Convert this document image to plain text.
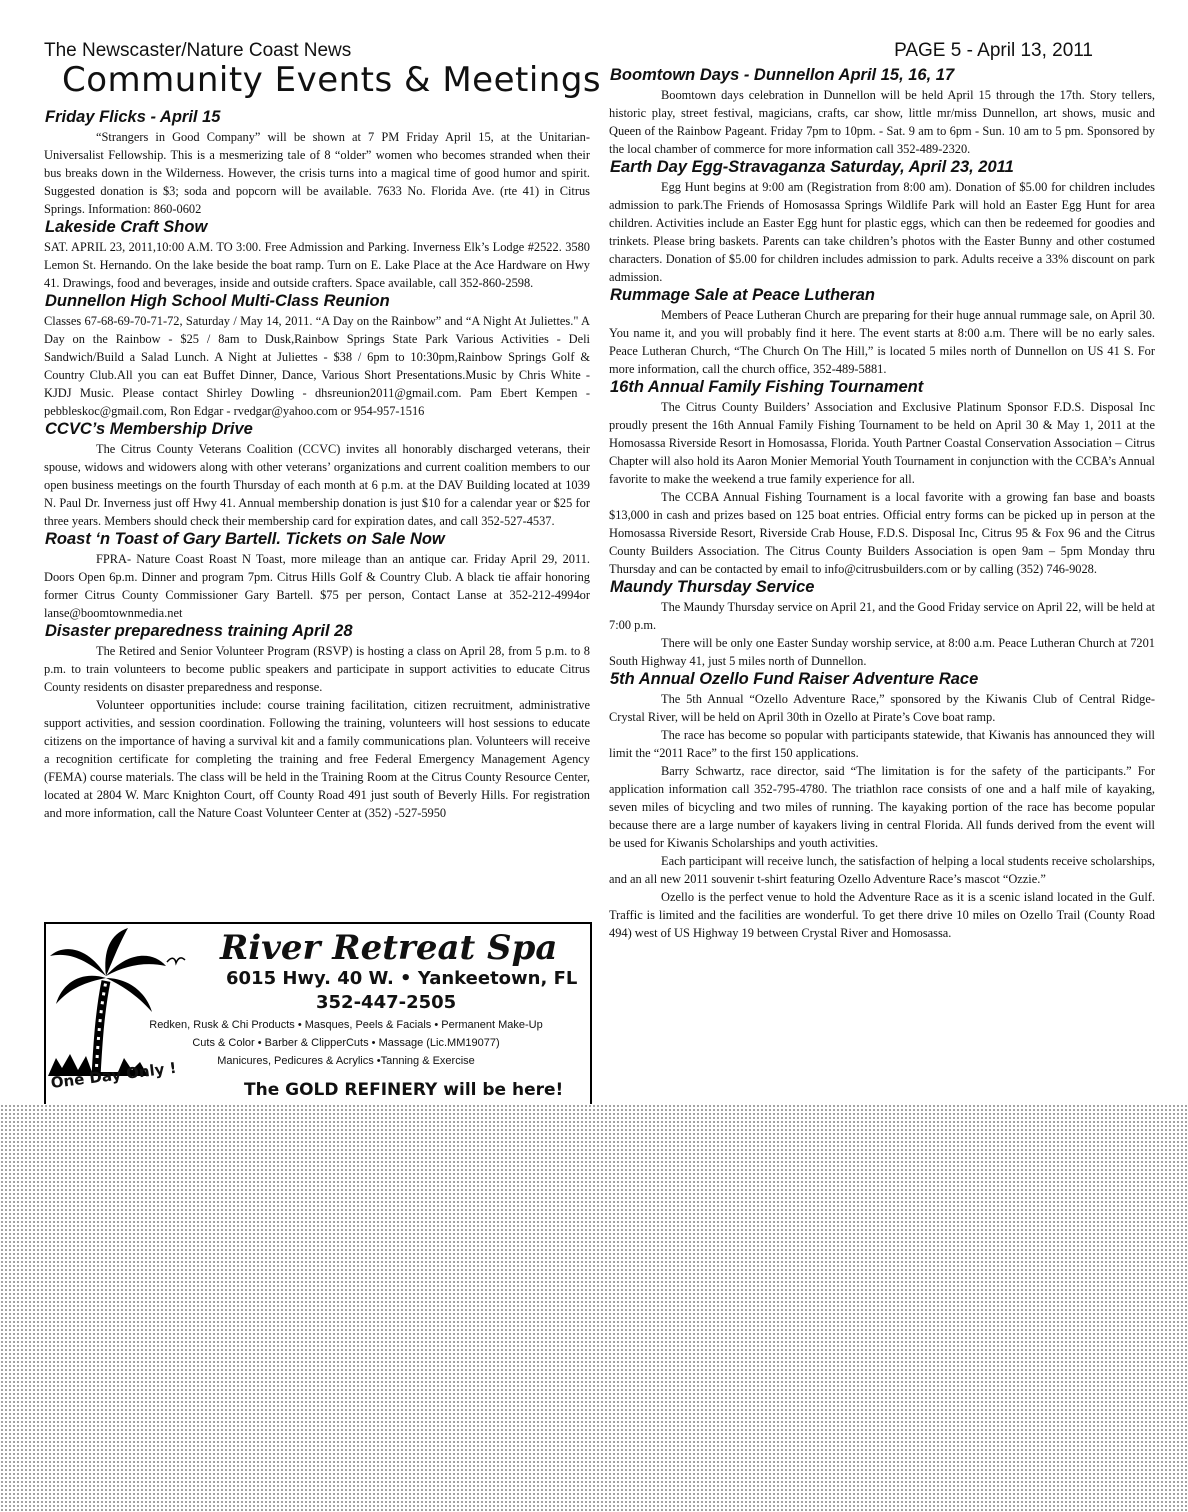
The Newscaster/Nature Coast News	PAGE 5 - April 13, 2011
Community Events & Meetings
Friday Flicks - April 15

“Strangers in Good Company” will be shown at 7 PM Friday April 15, at the Unitarian-Universalist Fellowship. This is a mesmerizing tale of 8 “older” women who becomes stranded when their bus breaks down in the Wilderness. However, the crisis turns into a magical time of good humor and spirit. Suggested donation is $3; soda and popcorn will be available. 7633 No. Florida Ave. (rte 41) in Citrus Springs. Information: 860-0602

Lakeside Craft Show

SAT. APRIL 23, 2011,10:00 A.M. TO 3:00. Free Admission and Parking. Inverness Elk’s Lodge #2522. 3580 Lemon St. Hernando. On the lake beside the boat ramp. Turn on E. Lake Place at the Ace Hardware on Hwy 41. Drawings, food and beverages, inside and outside crafters. Space available, call 352-860-2598.

Dunnellon High School Multi-Class Reunion

Classes 67-68-69-70-71-72, Saturday / May 14, 2011. “A Day on the Rainbow” and “A Night At Juliettes." A Day on the Rainbow - $25 / 8am to Dusk,Rainbow Springs State Park Various Activities - Deli Sandwich/Build a Salad Lunch. A Night at Juliettes - $38 / 6pm to 10:30pm,Rainbow Springs Golf & Country Club.All you can eat Buffet Dinner, Dance, Various Short Presentations.Music by Chris White - KJDJ Music. Please contact Shirley Dowling - dhsreunion2011@gmail.com. Pam Ebert Kempen - pebbleskoc@gmail.com, Ron Edgar - rvedgar@yahoo.com or 954-957-1516

CCVC’s Membership Drive

The Citrus County Veterans Coalition (CCVC) invites all honorably discharged veterans, their spouse, widows and widowers along with other veterans’ organizations and current coalition members to our open business meetings on the fourth Thursday of each month at 6 p.m. at the DAV Building located at 1039 N. Paul Dr. Inverness just off Hwy 41. Annual membership donation is just $10 for a calendar year or $25 for three years. Members should check their membership card for expiration dates, and call 352-527-4537.

Roast ‘n Toast of Gary Bartell. Tickets on Sale Now

FPRA- Nature Coast Roast N Toast, more mileage than an antique car. Friday April 29, 2011. Doors Open 6p.m. Dinner and program 7pm. Citrus Hills Golf & Country Club. A black tie affair honoring former Citrus County Commissioner Gary Bartell. $75 per person, Contact Lanse at 352-212-4994or lanse@boomtownmedia.net

Disaster preparedness training April 28

The Retired and Senior Volunteer Program (RSVP) is hosting a class on April 28, from 5 p.m. to 8 p.m. to train volunteers to become public speakers and participate in support activities to educate Citrus County residents on disaster preparedness and response.

Volunteer opportunities include: course training facilitation, citizen recruitment, administrative support activities, and session coordination. Following the training, volunteers will host sessions to educate citizens on the importance of having a survival kit and a family communications plan. Volunteers will receive a recognition certificate for completing the training and free Federal Emergency Management Agency (FEMA) course materials. The class will be held in the Training Room at the Citrus County Resource Center, located at 2804 W. Marc Knighton Court, off County Road 491 just south of Beverly Hills. For registration and more information, call the Nature Coast Volunteer Center at (352) -527-5950

River Retreat Spa
6015 Hwy. 40 W. • Yankeetown, FL
352-447-2505
Redken, Rusk & Chi Products • Masques, Peels & Facials • Permanent Make-Up
Cuts & Color • Barber & ClipperCuts • Massage (Lic.MM19077)
Manicures, Pedicures & Acrylics •Tanning & Exercise
One Day Only !	The GOLD REFINERY will be here!
Boomtown Days - Dunnellon April 15, 16, 17

Boomtown days celebration in Dunnellon will be held April 15 through the 17th. Story tellers, historic play, street festival, magicians, crafts, car show, little mr/miss Dunnellon, art shows, music and Queen of the Rainbow Pageant. Friday 7pm to 10pm. - Sat. 9 am to 6pm - Sun. 10 am to 5 pm. Sponsored by the local chamber of commerce for more information call 352-489-2320.

Earth Day Egg-Stravaganza Saturday, April 23, 2011

Egg Hunt begins at 9:00 am (Registration from 8:00 am). Donation of $5.00 for children includes admission to park.The Friends of Homosassa Springs Wildlife Park will hold an Easter Egg Hunt for area children. Activities include an Easter Egg hunt for plastic eggs, which can then be redeemed for goodies and trinkets. Please bring baskets. Parents can take children’s photos with the Easter Bunny and other costumed characters. Donation of $5.00 for children includes admission to park. Adults receive a 33% discount on park admission.

Rummage Sale at Peace Lutheran

Members of Peace Lutheran Church are preparing for their huge annual rummage sale, on April 30. You name it, and you will probably find it here. The event starts at 8:00 a.m. There will be no early sales. Peace Lutheran Church, “The Church On The Hill,” is located 5 miles north of Dunnellon on US 41 S. For more information, call the church office, 352-489-5881.

16th Annual Family Fishing Tournament

The Citrus County Builders’ Association and Exclusive Platinum Sponsor F.D.S. Disposal Inc proudly present the 16th Annual Family Fishing Tournament to be held on April 30 & May 1, 2011 at the Homosassa Riverside Resort in Homosassa, Florida. Youth Partner Coastal Conservation Association – Citrus Chapter will also hold its Aaron Monier Memorial Youth Tournament in conjunction with the CCBA’s Annual favorite to make the weekend a true family experience for all.

The CCBA Annual Fishing Tournament is a local favorite with a growing fan base and boasts $13,000 in cash and prizes based on 125 boat entries. Official entry forms can be picked up in person at the Homosassa Riverside Resort, Riverside Crab House, F.D.S. Disposal Inc, Citrus 95 & Fox 96 and the Citrus County Builders Association. The Citrus County Builders Association is open 9am – 5pm Monday thru Thursday and can be contacted by email to info@citrusbuilders.com or by calling (352) 746-9028.

Maundy Thursday Service

The Maundy Thursday service on April 21, and the Good Friday service on April 22, will be held at 7:00 p.m.

There will be only one Easter Sunday worship service, at 8:00 a.m. Peace Lutheran Church at 7201 South Highway 41, just 5 miles north of Dunnellon.

5th Annual Ozello Fund Raiser Adventure Race

The 5th Annual “Ozello Adventure Race,” sponsored by the Kiwanis Club of Central Ridge-Crystal River, will be held on April 30th in Ozello at Pirate’s Cove boat ramp.

The race has become so popular with participants statewide, that Kiwanis has announced they will limit the “2011 Race” to the first 150 applications.

Barry Schwartz, race director, said “The limitation is for the safety of the participants.” For application information call 352-795-4780. The triathlon race consists of one and a half mile of kayaking, seven miles of bicycling and two miles of running. The kayaking portion of the race has become popular because there are a large number of kayakers living in central Florida. All funds derived from the event will be used for Kiwanis Scholarships and youth activities.

Each participant will receive lunch, the satisfaction of helping a local students receive scholarships, and an all new 2011 souvenir t-shirt featuring Ozello Adventure Race’s mascot “Ozzie.”

Ozello is the perfect venue to hold the Adventure Race as it is a scenic island located in the Gulf. Traffic is limited and the facilities are wonderful. To get there drive 10 miles on Ozello Trail (County Road 494) west of US Highway 19 between Crystal River and Homosassa.
